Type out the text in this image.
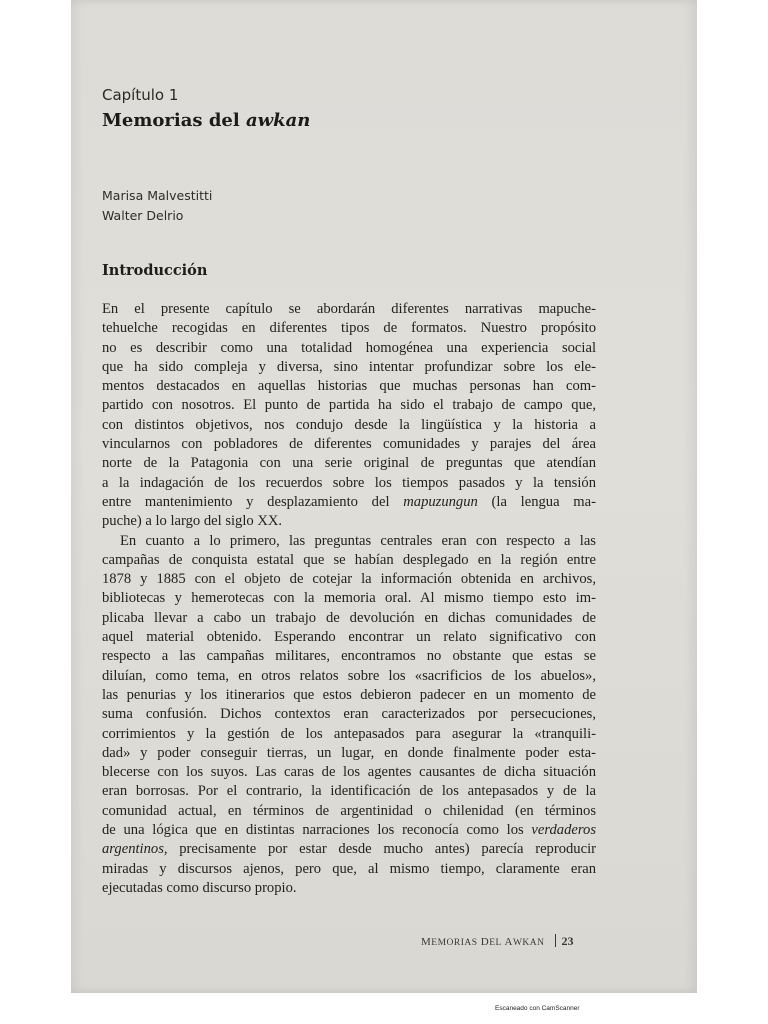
Capítulo 1
Memorias del awkan
Marisa Malvestitti
Walter Delrio
Introducción
En el presente capítulo se abordarán diferentes narrativas mapuche-
tehuelche recogidas en diferentes tipos de formatos. Nuestro propósito
no es describir como una totalidad homogénea una experiencia social
que ha sido compleja y diversa, sino intentar profundizar sobre los ele-
mentos destacados en aquellas historias que muchas personas han com-
partido con nosotros. El punto de partida ha sido el trabajo de campo que,
con distintos objetivos, nos condujo desde la lingüística y la historia a
vincularnos con pobladores de diferentes comunidades y parajes del área
norte de la Patagonia con una serie original de preguntas que atendían
a la indagación de los recuerdos sobre los tiempos pasados y la tensión
entre mantenimiento y desplazamiento del mapuzungun (la lengua ma-
puche) a lo largo del siglo XX.
En cuanto a lo primero, las preguntas centrales eran con respecto a las
campañas de conquista estatal que se habían desplegado en la región entre
1878 y 1885 con el objeto de cotejar la información obtenida en archivos,
bibliotecas y hemerotecas con la memoria oral. Al mismo tiempo esto im-
plicaba llevar a cabo un trabajo de devolución en dichas comunidades de
aquel material obtenido. Esperando encontrar un relato significativo con
respecto a las campañas militares, encontramos no obstante que estas se
diluían, como tema, en otros relatos sobre los «sacrificios de los abuelos»,
las penurias y los itinerarios que estos debieron padecer en un momento de
suma confusión. Dichos contextos eran caracterizados por persecuciones,
corrimientos y la gestión de los antepasados para asegurar la «tranquili-
dad» y poder conseguir tierras, un lugar, en donde finalmente poder esta-
blecerse con los suyos. Las caras de los agentes causantes de dicha situación
eran borrosas. Por el contrario, la identificación de los antepasados y de la
comunidad actual, en términos de argentinidad o chilenidad (en términos
de una lógica que en distintas narraciones los reconocía como los verdaderos
argentinos, precisamente por estar desde mucho antes) parecía reproducir
miradas y discursos ajenos, pero que, al mismo tiempo, claramente eran
ejecutadas como discurso propio.
MEMORIAS DEL AWKAN 23
Escaneado con CamScanner
